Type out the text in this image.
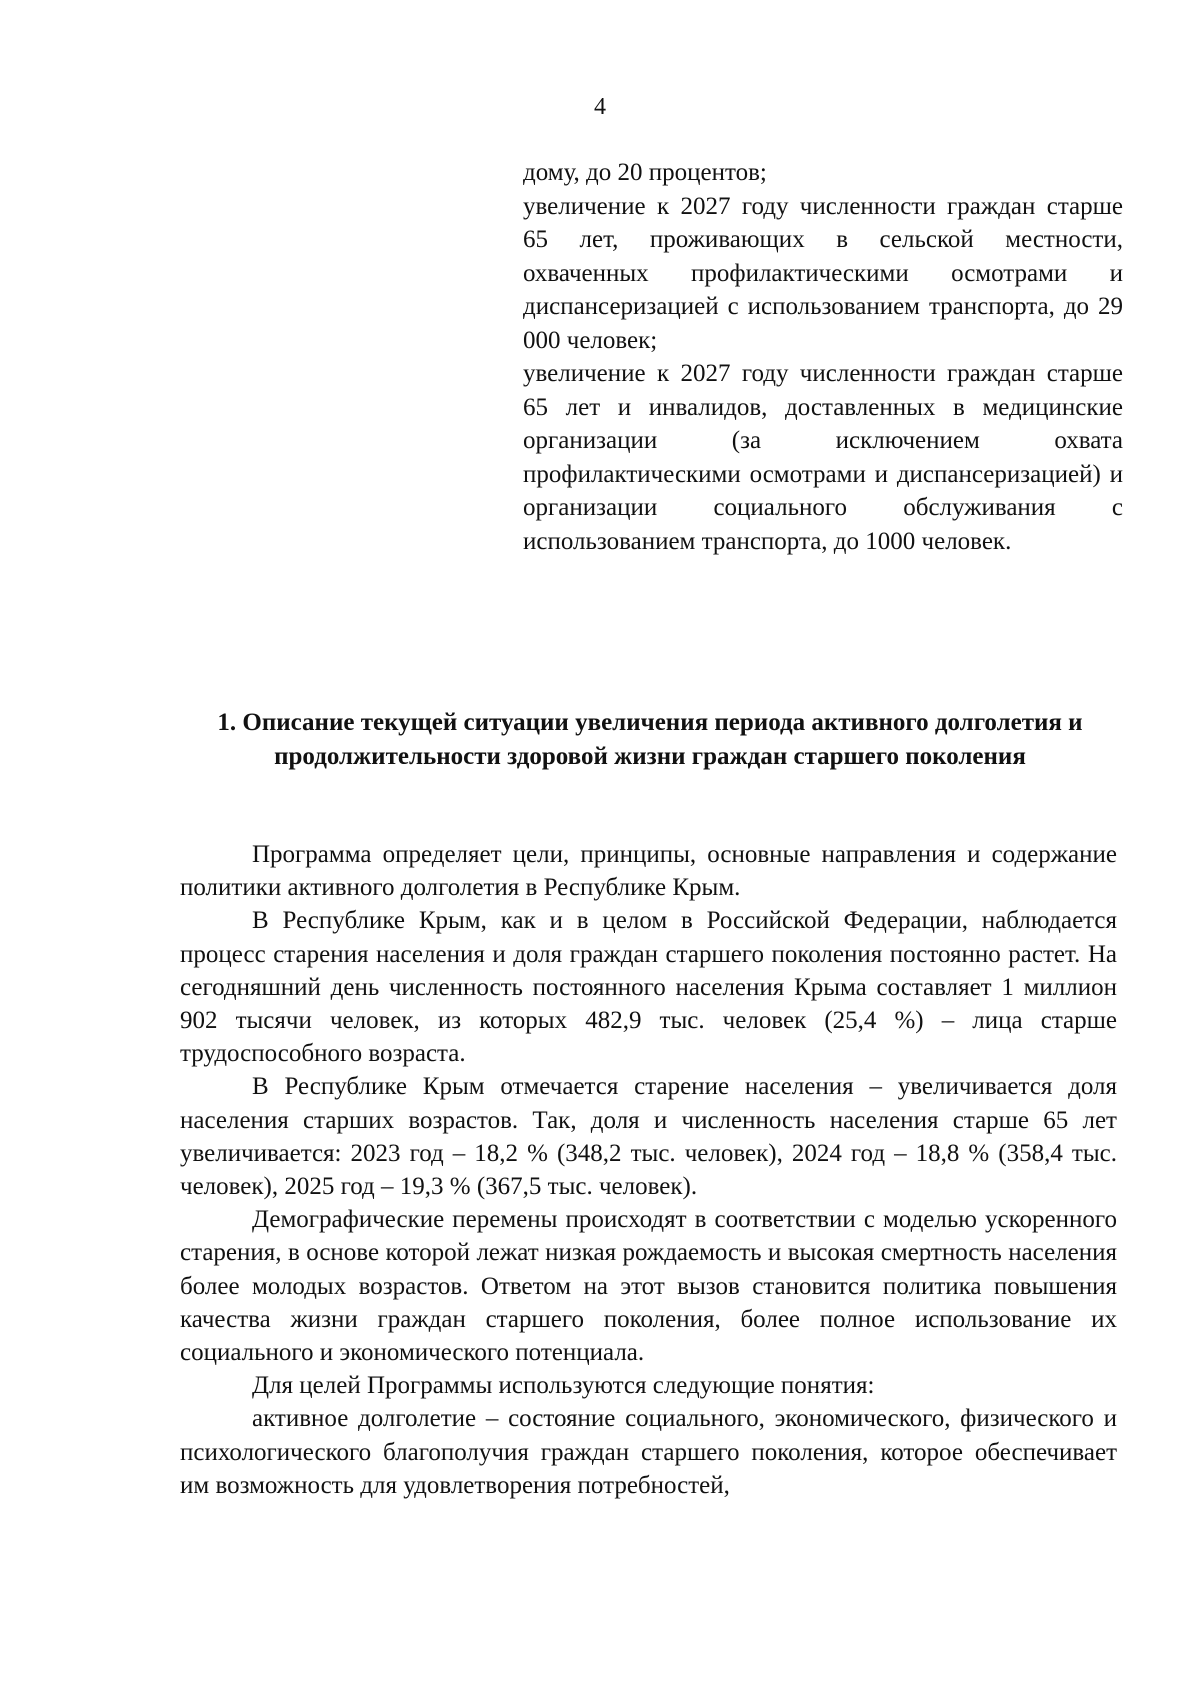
4

дому, до 20 процентов;

увеличение к 2027 году численности граждан старше 65 лет, проживающих в сельской местности, охваченных профилактическими осмотрами и диспансеризацией с использованием транспорта, до 29 000 человек;

увеличение к 2027 году численности граждан старше 65 лет и инвалидов, доставленных в медицинские организации (за исключением охвата профилактическими осмотрами и диспансеризацией) и организации социального обслуживания с использованием транспорта, до 1000 человек.

1. Описание текущей ситуации увеличения периода активного долголетия и продолжительности здоровой жизни граждан старшего поколения

Программа определяет цели, принципы, основные направления и содержание политики активного долголетия в Республике Крым.

В Республике Крым, как и в целом в Российской Федерации, наблюдается процесс старения населения и доля граждан старшего поколения постоянно растет. На сегодняшний день численность постоянного населения Крыма составляет 1 миллион 902 тысячи человек, из которых 482,9 тыс. человек (25,4 %) – лица старше трудоспособного возраста.

В Республике Крым отмечается старение населения – увеличивается доля населения старших возрастов. Так, доля и численность населения старше 65 лет увеличивается: 2023 год – 18,2 % (348,2 тыс. человек), 2024 год – 18,8 % (358,4 тыс. человек), 2025 год – 19,3 % (367,5 тыс. человек).

Демографические перемены происходят в соответствии с моделью ускоренного старения, в основе которой лежат низкая рождаемость и высокая смертность населения более молодых возрастов. Ответом на этот вызов становится политика повышения качества жизни граждан старшего поколения, более полное использование их социального и экономического потенциала.

Для целей Программы используются следующие понятия:

активное долголетие – состояние социального, экономического, физического и психологического благополучия граждан старшего поколения, которое обеспечивает им возможность для удовлетворения потребностей,
